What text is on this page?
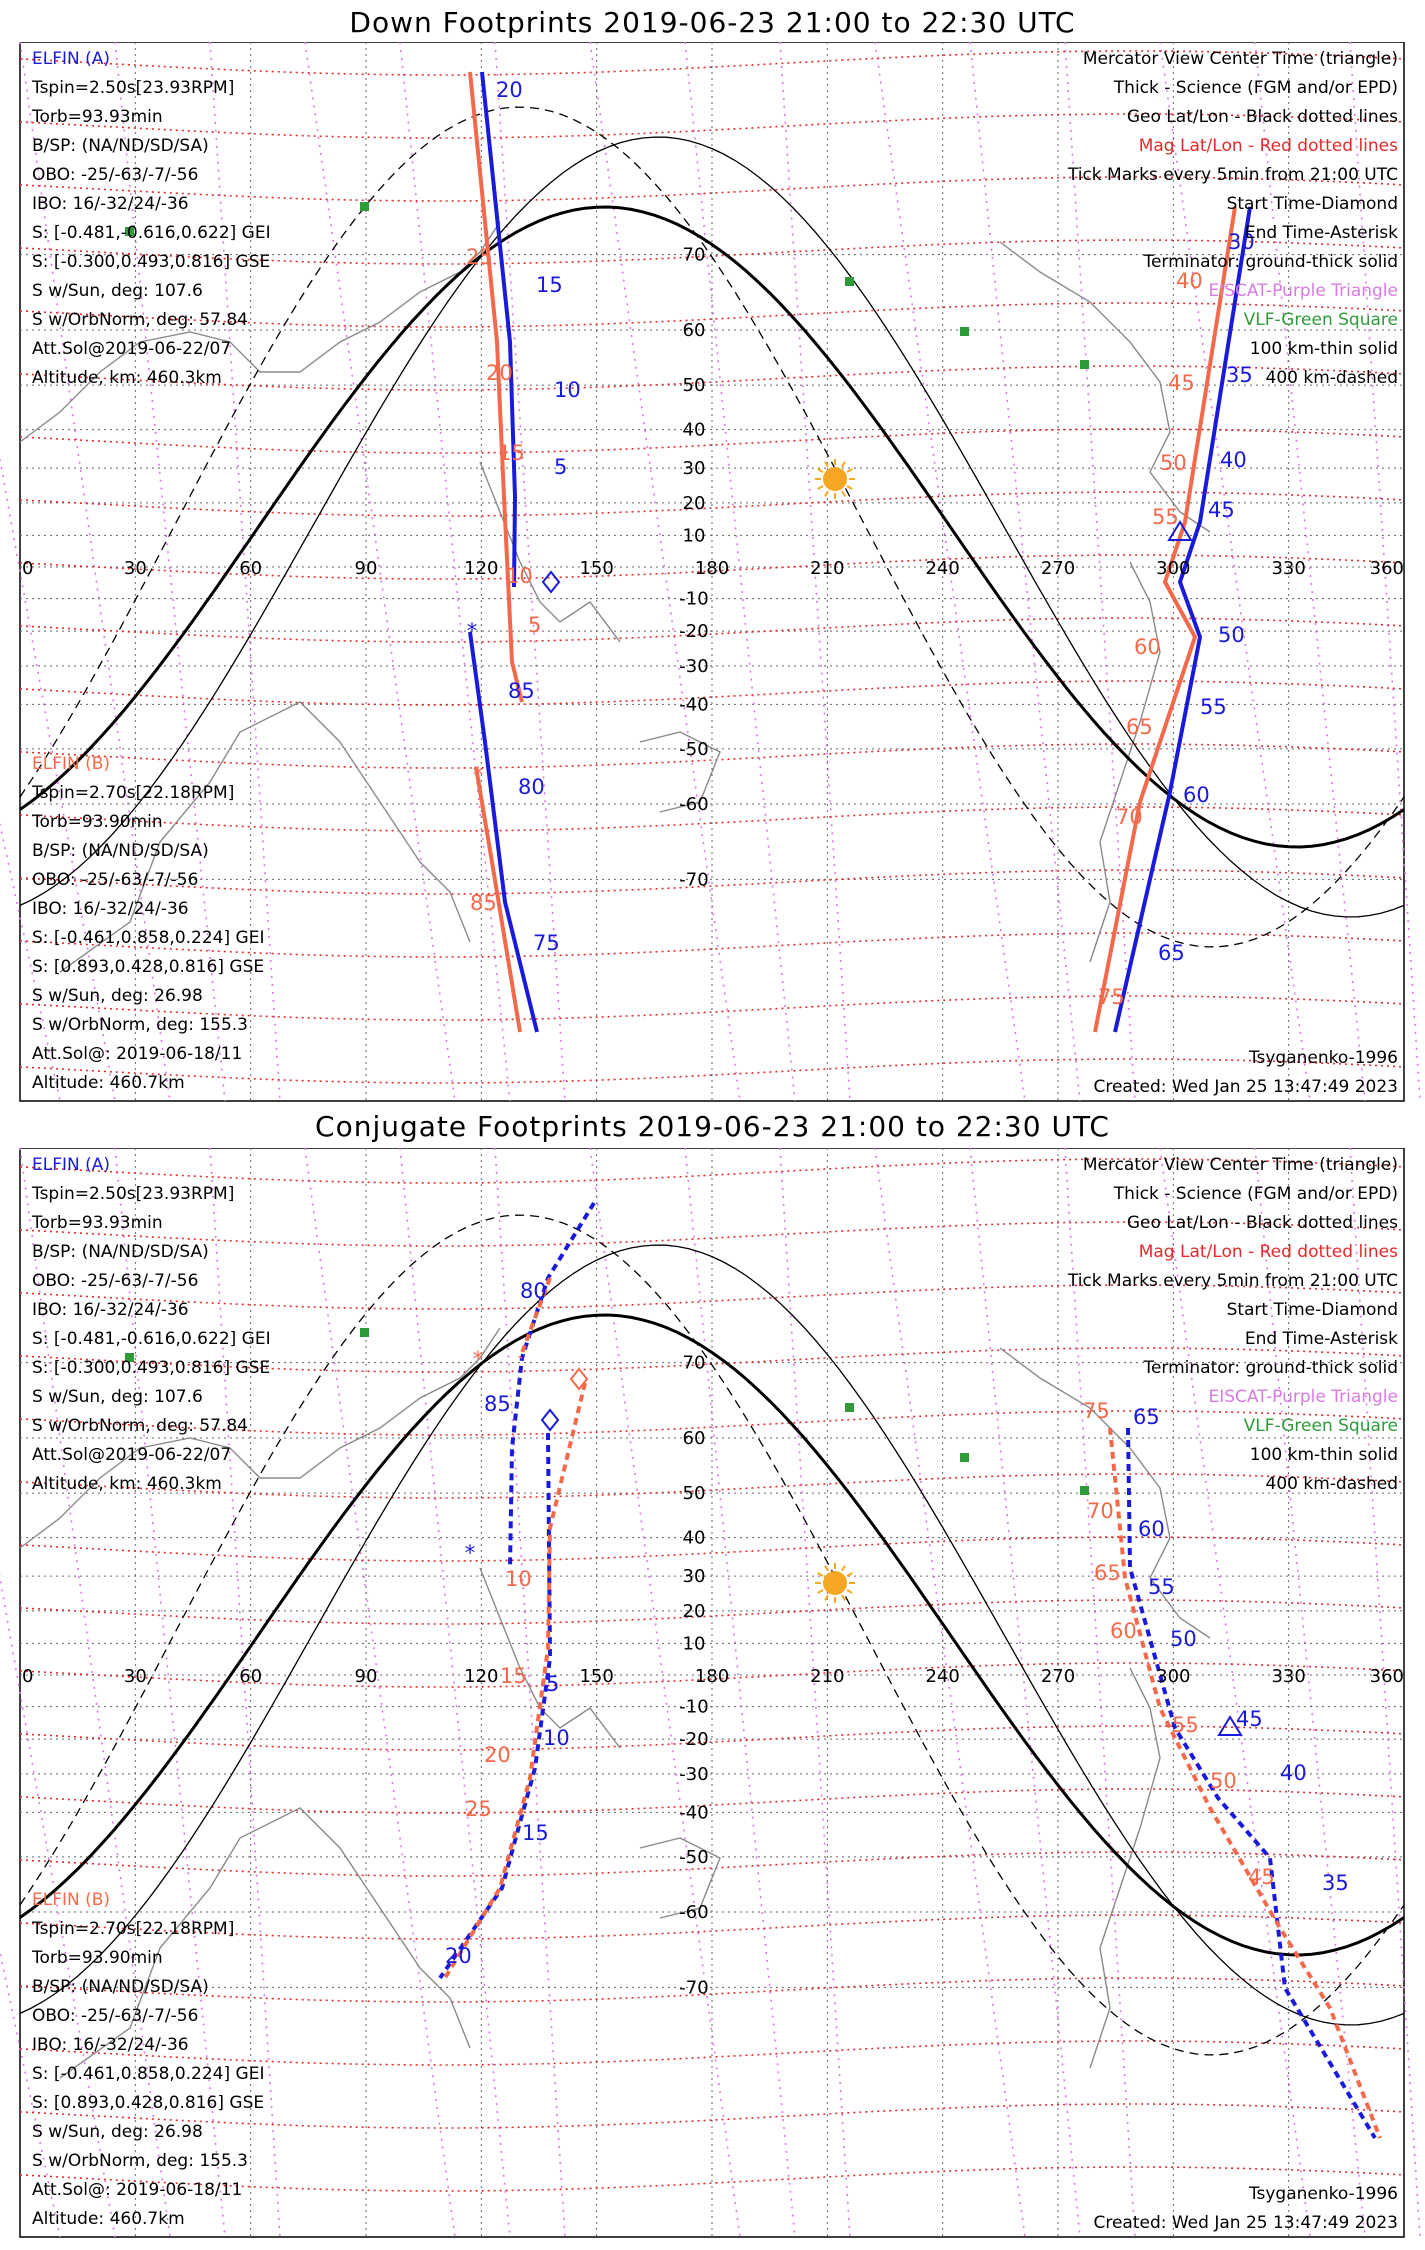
Down Footprints 2019-06-23 21:00 to 22:30 UTC
*
*
20
15
10
5
30
35
40
45
50
55
60
65
25
20
15
10
5
40
45
50
55
60
65
70
75
85
80
75
85
0	30	60	90	120	150	180	210	240	270	300	330	360
70
60
50
40
30
20
10
-10
-20
-30
-40
-50
-60
-70
Mercator View Center Time (triangle)
Thick - Science (FGM and/or EPD)
Geo Lat/Lon - Black dotted lines
Mag Lat/Lon - Red dotted lines
Tick Marks every 5min from 21:00 UTC
Start Time-Diamond
End Time-Asterisk
Terminator: ground-thick solid
EISCAT-Purple Triangle
VLF-Green Square
100 km-thin solid
400 km-dashed
ELFIN (A)
Tspin=2.50s[23.93RPM]
Torb=93.93min
B/SP: (NA/ND/SD/SA)
OBO: -25/-63/-7/-56
IBO: 16/-32/24/-36
S: [-0.481,-0.616,0.622] GEI
S: [-0.300,0.493,0.816] GSE
S w/Sun, deg: 107.6
S w/OrbNorm, deg: 57.84
Att.Sol@2019-06-22/07
Altitude, km: 460.3km
ELFIN (B)
Tspin=2.70s[22.18RPM]
Torb=93.90min
B/SP: (NA/ND/SD/SA)
OBO: -25/-63/-7/-56
IBO: 16/-32/24/-36
S: [-0.461,0.858,0.224] GEI
S: [0.893,0.428,0.816] GSE
S w/Sun, deg: 26.98
S w/OrbNorm, deg: 155.3
Att.Sol@: 2019-06-18/11
Altitude: 460.7km
Tsyganenko-1996
Created: Wed Jan 25 13:47:49 2023
Conjugate Footprints 2019-06-23 21:00 to 22:30 UTC
*
*
80
85
5
10
15
20
65
60
55
50
45
40
35
10
15
20
25
75
70
65
60
55
50
45
0	30	60	90	120	150	180	210	240	270	300	330	360
70
60
50
40
30
20
10
-10
-20
-30
-40
-50
-60
-70
Mercator View Center Time (triangle)
Thick - Science (FGM and/or EPD)
Geo Lat/Lon - Black dotted lines
Mag Lat/Lon - Red dotted lines
Tick Marks every 5min from 21:00 UTC
Start Time-Diamond
End Time-Asterisk
Terminator: ground-thick solid
EISCAT-Purple Triangle
VLF-Green Square
100 km-thin solid
400 km-dashed
ELFIN (A)
Tspin=2.50s[23.93RPM]
Torb=93.93min
B/SP: (NA/ND/SD/SA)
OBO: -25/-63/-7/-56
IBO: 16/-32/24/-36
S: [-0.481,-0.616,0.622] GEI
S: [-0.300,0.493,0.816] GSE
S w/Sun, deg: 107.6
S w/OrbNorm, deg: 57.84
Att.Sol@2019-06-22/07
Altitude, km: 460.3km
ELFIN (B)
Tspin=2.70s[22.18RPM]
Torb=93.90min
B/SP: (NA/ND/SD/SA)
OBO: -25/-63/-7/-56
IBO: 16/-32/24/-36
S: [-0.461,0.858,0.224] GEI
S: [0.893,0.428,0.816] GSE
S w/Sun, deg: 26.98
S w/OrbNorm, deg: 155.3
Att.Sol@: 2019-06-18/11
Altitude: 460.7km
Tsyganenko-1996
Created: Wed Jan 25 13:47:49 2023
